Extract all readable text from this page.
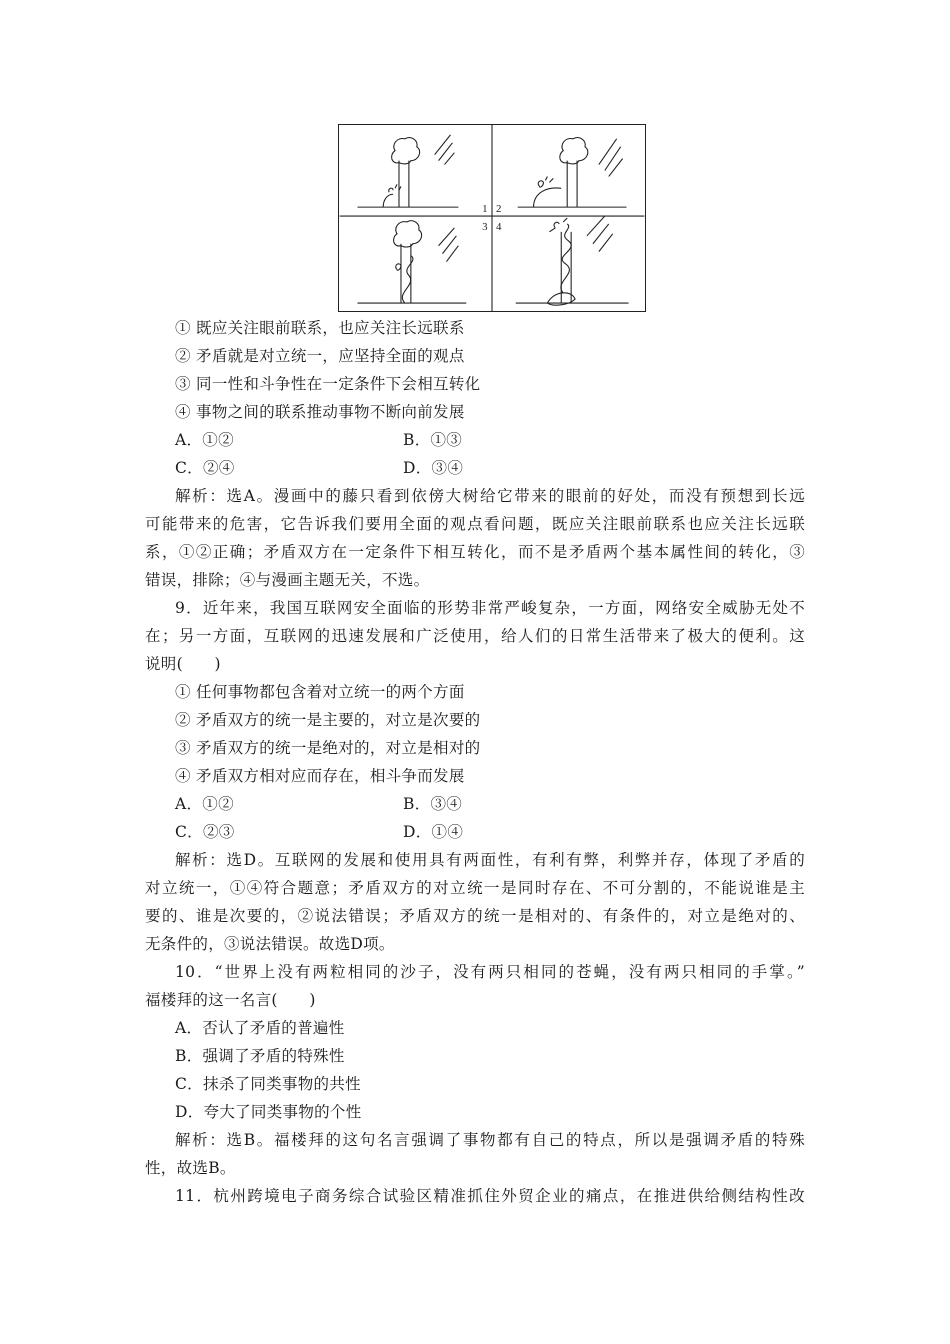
1 2
3 4
① 既应关注眼前联系，也应关注长远联系
② 矛盾就是对立统一，应坚持全面的观点
③ 同一性和斗争性在一定条件下会相互转化
④ 事物之间的联系推动事物不断向前发展
A．①②	B．①③
C．②④	D．③④
解析：选A。漫画中的藤只看到依傍大树给它带来的眼前的好处，而没有预想到长远
可能带来的危害，它告诉我们要用全面的观点看问题，既应关注眼前联系也应关注长远联
系，①②正确；矛盾双方在一定条件下相互转化，而不是矛盾两个基本属性间的转化，③
错误，排除；④与漫画主题无关，不选。
9．近年来，我国互联网安全面临的形势非常严峻复杂，一方面，网络安全威胁无处不
在；另一方面，互联网的迅速发展和广泛使用，给人们的日常生活带来了极大的便利。这
说明(　　)
① 任何事物都包含着对立统一的两个方面
② 矛盾双方的统一是主要的，对立是次要的
③ 矛盾双方的统一是绝对的，对立是相对的
④ 矛盾双方相对应而存在，相斗争而发展
A．①②	B．③④
C．②③	D．①④
解析：选D。互联网的发展和使用具有两面性，有利有弊，利弊并存，体现了矛盾的
对立统一，①④符合题意；矛盾双方的对立统一是同时存在、不可分割的，不能说谁是主
要的、谁是次要的，②说法错误；矛盾双方的统一是相对的、有条件的，对立是绝对的、
无条件的，③说法错误。故选D项。
10．“世界上没有两粒相同的沙子，没有两只相同的苍蝇，没有两只相同的手掌。”
福楼拜的这一名言(　　)
A．否认了矛盾的普遍性
B．强调了矛盾的特殊性
C．抹杀了同类事物的共性
D．夸大了同类事物的个性
解析：选B。福楼拜的这句名言强调了事物都有自己的特点，所以是强调矛盾的特殊
性，故选B。
11．杭州跨境电子商务综合试验区精准抓住外贸企业的痛点，在推进供给侧结构性改
